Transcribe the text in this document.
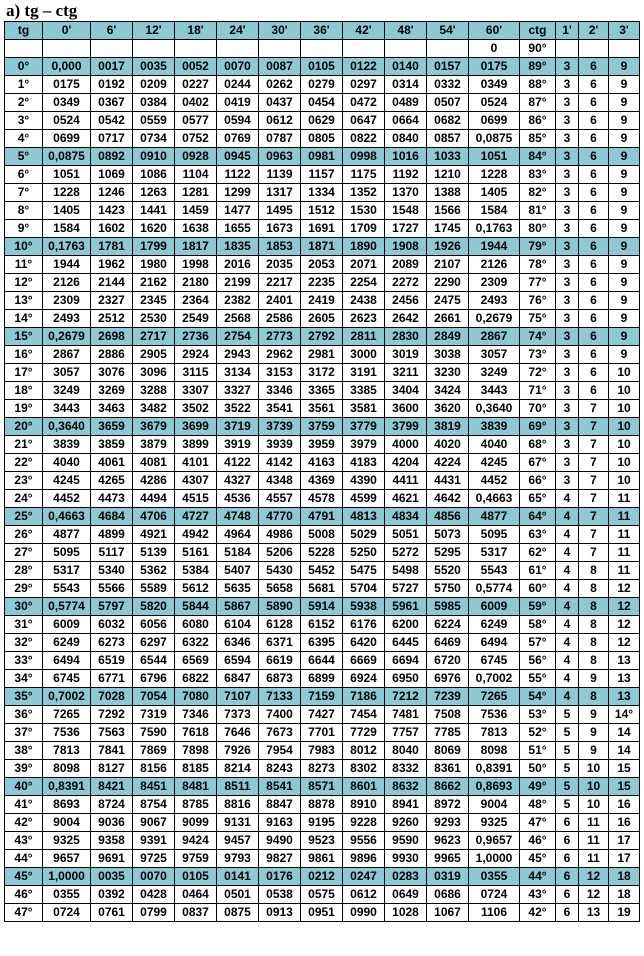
a) tg – ctg
tg	0'	6'	12'	18'	24'	30'	36'	42'	48'	54'	60'	ctg	1'	2'	3'
											0	90°			
0°	0,000	0017	0035	0052	0070	0087	0105	0122	0140	0157	0175	89°	3	6	9
1°	0175	0192	0209	0227	0244	0262	0279	0297	0314	0332	0349	88°	3	6	9
2°	0349	0367	0384	0402	0419	0437	0454	0472	0489	0507	0524	87°	3	6	9
3°	0524	0542	0559	0577	0594	0612	0629	0647	0664	0682	0699	86°	3	6	9
4°	0699	0717	0734	0752	0769	0787	0805	0822	0840	0857	0,0875	85°	3	6	9
5°	0,0875	0892	0910	0928	0945	0963	0981	0998	1016	1033	1051	84°	3	6	9
6°	1051	1069	1086	1104	1122	1139	1157	1175	1192	1210	1228	83°	3	6	9
7°	1228	1246	1263	1281	1299	1317	1334	1352	1370	1388	1405	82°	3	6	9
8°	1405	1423	1441	1459	1477	1495	1512	1530	1548	1566	1584	81°	3	6	9
9°	1584	1602	1620	1638	1655	1673	1691	1709	1727	1745	0,1763	80°	3	6	9
10°	0,1763	1781	1799	1817	1835	1853	1871	1890	1908	1926	1944	79°	3	6	9
11°	1944	1962	1980	1998	2016	2035	2053	2071	2089	2107	2126	78°	3	6	9
12°	2126	2144	2162	2180	2199	2217	2235	2254	2272	2290	2309	77°	3	6	9
13°	2309	2327	2345	2364	2382	2401	2419	2438	2456	2475	2493	76°	3	6	9
14°	2493	2512	2530	2549	2568	2586	2605	2623	2642	2661	0,2679	75°	3	6	9
15°	0,2679	2698	2717	2736	2754	2773	2792	2811	2830	2849	2867	74°	3	6	9
16°	2867	2886	2905	2924	2943	2962	2981	3000	3019	3038	3057	73°	3	6	9
17°	3057	3076	3096	3115	3134	3153	3172	3191	3211	3230	3249	72°	3	6	10
18°	3249	3269	3288	3307	3327	3346	3365	3385	3404	3424	3443	71°	3	6	10
19°	3443	3463	3482	3502	3522	3541	3561	3581	3600	3620	0,3640	70°	3	7	10
20°	0,3640	3659	3679	3699	3719	3739	3759	3779	3799	3819	3839	69°	3	7	10
21°	3839	3859	3879	3899	3919	3939	3959	3979	4000	4020	4040	68°	3	7	10
22°	4040	4061	4081	4101	4122	4142	4163	4183	4204	4224	4245	67°	3	7	10
23°	4245	4265	4286	4307	4327	4348	4369	4390	4411	4431	4452	66°	3	7	10
24°	4452	4473	4494	4515	4536	4557	4578	4599	4621	4642	0,4663	65°	4	7	11
25°	0,4663	4684	4706	4727	4748	4770	4791	4813	4834	4856	4877	64°	4	7	11
26°	4877	4899	4921	4942	4964	4986	5008	5029	5051	5073	5095	63°	4	7	11
27°	5095	5117	5139	5161	5184	5206	5228	5250	5272	5295	5317	62°	4	7	11
28°	5317	5340	5362	5384	5407	5430	5452	5475	5498	5520	5543	61°	4	8	11
29°	5543	5566	5589	5612	5635	5658	5681	5704	5727	5750	0,5774	60°	4	8	12
30°	0,5774	5797	5820	5844	5867	5890	5914	5938	5961	5985	6009	59°	4	8	12
31°	6009	6032	6056	6080	6104	6128	6152	6176	6200	6224	6249	58°	4	8	12
32°	6249	6273	6297	6322	6346	6371	6395	6420	6445	6469	6494	57°	4	8	12
33°	6494	6519	6544	6569	6594	6619	6644	6669	6694	6720	6745	56°	4	8	13
34°	6745	6771	6796	6822	6847	6873	6899	6924	6950	6976	0,7002	55°	4	9	13
35°	0,7002	7028	7054	7080	7107	7133	7159	7186	7212	7239	7265	54°	4	8	13
36°	7265	7292	7319	7346	7373	7400	7427	7454	7481	7508	7536	53°	5	9	14°
37°	7536	7563	7590	7618	7646	7673	7701	7729	7757	7785	7813	52°	5	9	14
38°	7813	7841	7869	7898	7926	7954	7983	8012	8040	8069	8098	51°	5	9	14
39°	8098	8127	8156	8185	8214	8243	8273	8302	8332	8361	0,8391	50°	5	10	15
40°	0,8391	8421	8451	8481	8511	8541	8571	8601	8632	8662	0,8693	49°	5	10	15
41°	8693	8724	8754	8785	8816	8847	8878	8910	8941	8972	9004	48°	5	10	16
42°	9004	9036	9067	9099	9131	9163	9195	9228	9260	9293	9325	47°	6	11	16
43°	9325	9358	9391	9424	9457	9490	9523	9556	9590	9623	0,9657	46°	6	11	17
44°	9657	9691	9725	9759	9793	9827	9861	9896	9930	9965	1,0000	45°	6	11	17
45°	1,0000	0035	0070	0105	0141	0176	0212	0247	0283	0319	0355	44°	6	12	18
46°	0355	0392	0428	0464	0501	0538	0575	0612	0649	0686	0724	43°	6	12	18
47°	0724	0761	0799	0837	0875	0913	0951	0990	1028	1067	1106	42°	6	13	19
